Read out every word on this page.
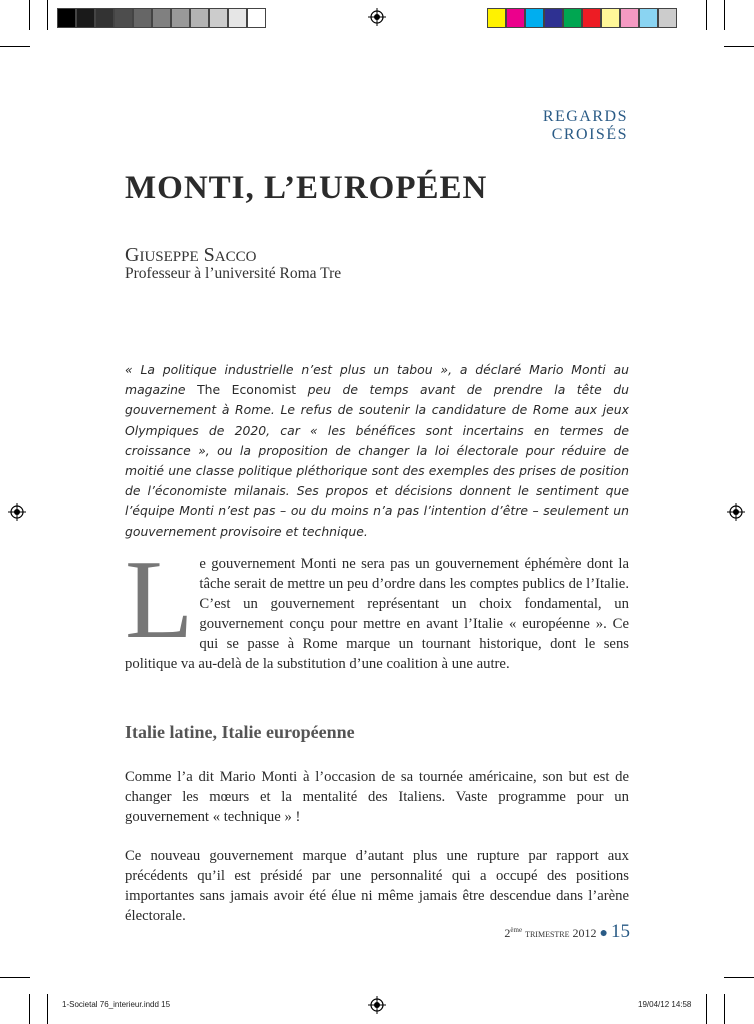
REGARDS CROISÉS
MONTI, L’EUROPÉEN
GIUSEPPE SACCO
Professeur à l’université Roma Tre
« La politique industrielle n’est plus un tabou », a déclaré Mario Monti au magazine The Economist peu de temps avant de prendre la tête du gouvernement à Rome. Le refus de soutenir la candidature de Rome aux jeux Olympiques de 2020, car « les bénéfices sont incertains en termes de croissance », ou la proposition de changer la loi électorale pour réduire de moitié une classe politique pléthorique sont des exemples des prises de position de l’économiste milanais. Ses propos et décisions donnent le sentiment que l’équipe Monti n’est pas – ou du moins n’a pas l’intention d’être – seulement un gouvernement provisoire et technique.
Le gouvernement Monti ne sera pas un gouvernement éphémère dont la tâche serait de mettre un peu d’ordre dans les comptes publics de l’Italie. C’est un gouvernement représentant un choix fondamental, un gouvernement conçu pour mettre en avant l’Italie « européenne ». Ce qui se passe à Rome marque un tournant historique, dont le sens politique va au-delà de la substitution d’une coalition à une autre.
Italie latine, Italie européenne
Comme l’a dit Mario Monti à l’occasion de sa tournée américaine, son but est de changer les mœurs et la mentalité des Italiens. Vaste programme pour un gouvernement « technique » !
Ce nouveau gouvernement marque d’autant plus une rupture par rapport aux précédents qu’il est présidé par une personnalité qui a occupé des positions importantes sans jamais avoir été élue ni même jamais être descendue dans l’arène électorale.
2ème trimestre 2012 ● 15
1-Societal 76_interieur.indd 15	19/04/12 14:58
